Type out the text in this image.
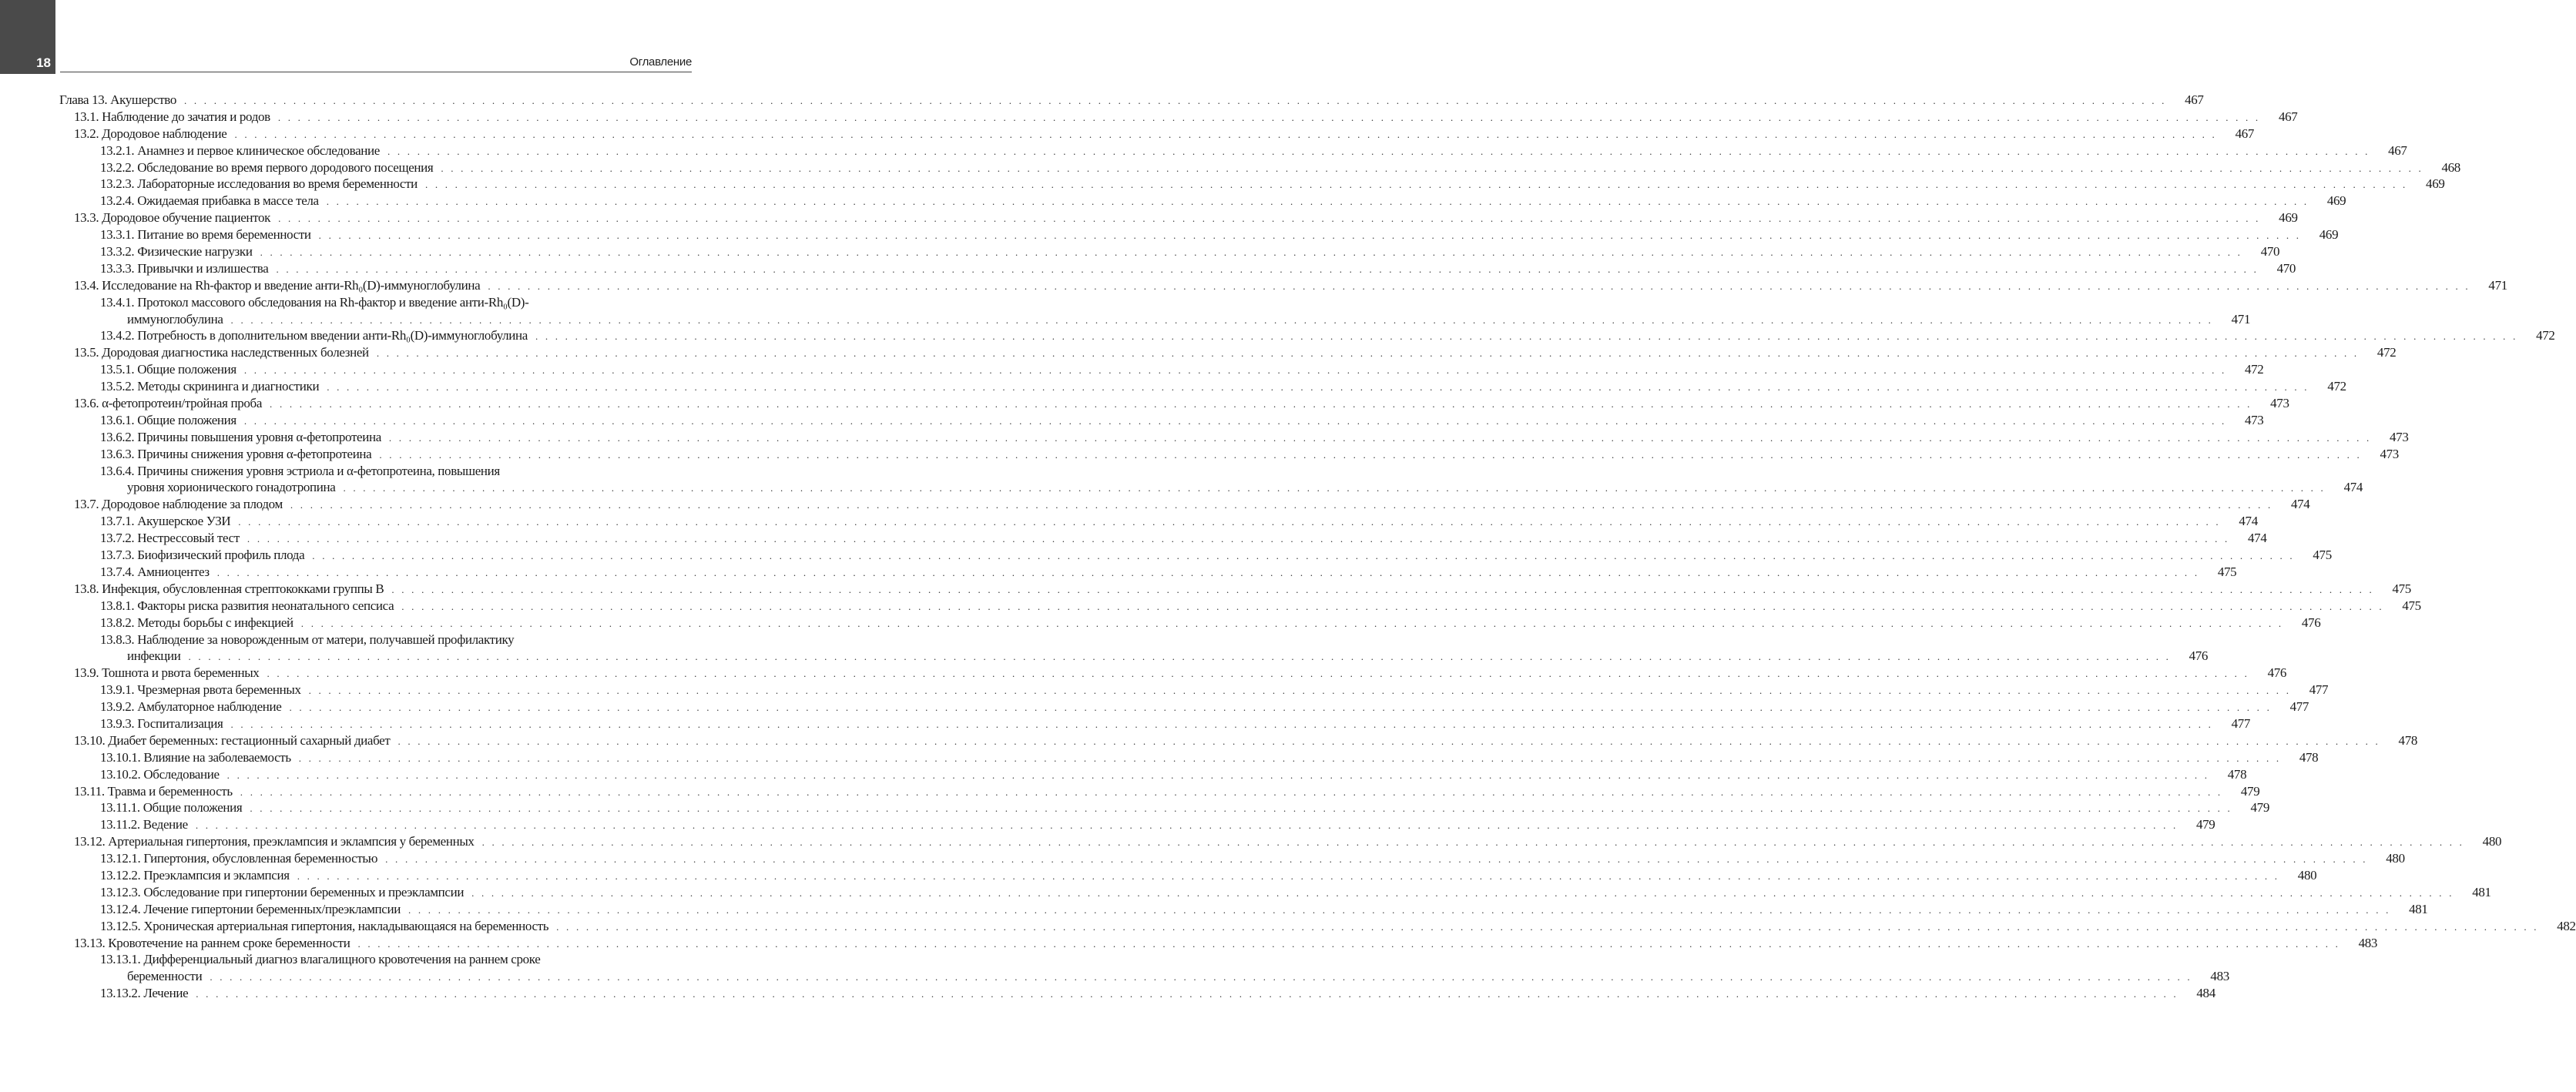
18	Оглавление
Глава 13. Акушерство . . . . . . . . . . . . . . . . . . . . . . . . . . . . . . . . . . . . . . . . . . . . . . . . . . . . . . . . . . . . . . . . . . . . . . . . . . . . . . . . . . . . . . . . . . . . . . . . . . . . . . . . . . . . . . . . . . . . . . . . . . . . . . . . . . . . . . . . . . . . . . . . . . . . . . . . . . . . . . . . . . . . . . . . . . . . . . . . . . . . . . . . . . . . . . . . . . . . . . . .	467
13.1. Наблюдение до зачатия и родов . . . . . . . . . . . . . . . . . . . . . . . . . . . . . . . . . . . . . . . . . . . . . . . . . . . . . . . . . . . . . . . . . . . . . . . . . . . . . . . . . . . . . . . . . . . . . . . . . . . . . . . . . . . . . . . . . . . . . . . . . . . . . . . . . . . . . . . . . . . . . . . . . . . . . . . . . . . . . . . . . . . . . . . . . . . . . . . . . . . . . . . . . . . . . . . . . . . . . . . .	467
13.2. Дородовое наблюдение . . . . . . . . . . . . . . . . . . . . . . . . . . . . . . . . . . . . . . . . . . . . . . . . . . . . . . . . . . . . . . . . . . . . . . . . . . . . . . . . . . . . . . . . . . . . . . . . . . . . . . . . . . . . . . . . . . . . . . . . . . . . . . . . . . . . . . . . . . . . . . . . . . . . . . . . . . . . . . . . . . . . . . . . . . . . . . . . . . . . . . . . . . . . . . . . . . . . . . . .	467
13.2.1. Анамнез и первое клиническое обследование . . . . . . . . . . . . . . . . . . . . . . . . . . . . . . . . . . . . . . . . . . . . . . . . . . . . . . . . . . . . . . . . . . . . . . . . . . . . . . . . . . . . . . . . . . . . . . . . . . . . . . . . . . . . . . . . . . . . . . . . . . . . . . . . . . . . . . . . . . . . . . . . . . . . . . . . . . . . . . . . . . . . . . . . . . . . . . . . . . . . . . . . . . . . . . . . . . . . . . . .	467
13.2.2. Обследование во время первого дородового посещения . . . . . . . . . . . . . . . . . . . . . . . . . . . . . . . . . . . . . . . . . . . . . . . . . . . . . . . . . . . . . . . . . . . . . . . . . . . . . . . . . . . . . . . . . . . . . . . . . . . . . . . . . . . . . . . . . . . . . . . . . . . . . . . . . . . . . . . . . . . . . . . . . . . . . . . . . . . . . . . . . . . . . . . . . . . . . . . . . . . . . . . . . . . . . . . . . . . . . . . .	468
13.2.3. Лабораторные исследования во время беременности . . . . . . . . . . . . . . . . . . . . . . . . . . . . . . . . . . . . . . . . . . . . . . . . . . . . . . . . . . . . . . . . . . . . . . . . . . . . . . . . . . . . . . . . . . . . . . . . . . . . . . . . . . . . . . . . . . . . . . . . . . . . . . . . . . . . . . . . . . . . . . . . . . . . . . . . . . . . . . . . . . . . . . . . . . . . . . . . . . . . . . . . . . . . . . . . . . . . . . . .	469
13.2.4. Ожидаемая прибавка в массе тела . . . . . . . . . . . . . . . . . . . . . . . . . . . . . . . . . . . . . . . . . . . . . . . . . . . . . . . . . . . . . . . . . . . . . . . . . . . . . . . . . . . . . . . . . . . . . . . . . . . . . . . . . . . . . . . . . . . . . . . . . . . . . . . . . . . . . . . . . . . . . . . . . . . . . . . . . . . . . . . . . . . . . . . . . . . . . . . . . . . . . . . . . . . . . . . . . . . . . . . .	469
13.3. Дородовое обучение пациенток . . . . . . . . . . . . . . . . . . . . . . . . . . . . . . . . . . . . . . . . . . . . . . . . . . . . . . . . . . . . . . . . . . . . . . . . . . . . . . . . . . . . . . . . . . . . . . . . . . . . . . . . . . . . . . . . . . . . . . . . . . . . . . . . . . . . . . . . . . . . . . . . . . . . . . . . . . . . . . . . . . . . . . . . . . . . . . . . . . . . . . . . . . . . . . . . . . . . . . . .	469
13.3.1. Питание во время беременности . . . . . . . . . . . . . . . . . . . . . . . . . . . . . . . . . . . . . . . . . . . . . . . . . . . . . . . . . . . . . . . . . . . . . . . . . . . . . . . . . . . . . . . . . . . . . . . . . . . . . . . . . . . . . . . . . . . . . . . . . . . . . . . . . . . . . . . . . . . . . . . . . . . . . . . . . . . . . . . . . . . . . . . . . . . . . . . . . . . . . . . . . . . . . . . . . . . . . . . .	469
13.3.2. Физические нагрузки . . . . . . . . . . . . . . . . . . . . . . . . . . . . . . . . . . . . . . . . . . . . . . . . . . . . . . . . . . . . . . . . . . . . . . . . . . . . . . . . . . . . . . . . . . . . . . . . . . . . . . . . . . . . . . . . . . . . . . . . . . . . . . . . . . . . . . . . . . . . . . . . . . . . . . . . . . . . . . . . . . . . . . . . . . . . . . . . . . . . . . . . . . . . . . . . . . . . . . . .	470
13.3.3. Привычки и излишества . . . . . . . . . . . . . . . . . . . . . . . . . . . . . . . . . . . . . . . . . . . . . . . . . . . . . . . . . . . . . . . . . . . . . . . . . . . . . . . . . . . . . . . . . . . . . . . . . . . . . . . . . . . . . . . . . . . . . . . . . . . . . . . . . . . . . . . . . . . . . . . . . . . . . . . . . . . . . . . . . . . . . . . . . . . . . . . . . . . . . . . . . . . . . . . . . . . . . . . .	470
13.4. Исследование на Rh-фактор и введение анти-Rh₀(D)-иммуноглобулина . . . . . . . . . . . . . . . . . . . . . . . . . . . . . . . . . . . . . . . . . . . . . . . . . . . . . . . . . . . . . . . . . . . . . . . . . . . . . . . . . . . . . . . . . . . . . . . . . . . . . . . . . . . . . . . . . . . . . . . . . . . . . . . . . . . . . . . . . . . . . . . . . . . . . . . . . . . . . . . . . . . . . . . . . . . . . . . . . . . . . . . . . . . . . . . . . . . . . . . .	471
13.4.1. Протокол массового обследования на Rh-фактор и введение анти-Rh₀(D)-
иммуноглобулина . . . . . . . . . . . . . . . . . . . . . . . . . . . . . . . . . . . . . . . . . . . . . . . . . . . . . . . . . . . . . . . . . . . . . . . . . . . . . . . . . . . . . . . . . . . . . . . . . . . . . . . . . . . . . . . . . . . . . . . . . . . . . . . . . . . . . . . . . . . . . . . . . . . . . . . . . . . . . . . . . . . . . . . . . . . . . . . . . . . . . . . . . . . . . . . . . . . . . . . .	471
13.4.2. Потребность в дополнительном введении анти-Rh₀(D)-иммуноглобулина . . . . . . . . . . . . . . . . . . . . . . . . . . . . . . . . . . . . . . . . . . . . . . . . . . . . . . . . . . . . . . . . . . . . . . . . . . . . . . . . . . . . . . . . . . . . . . . . . . . . . . . . . . . . . . . . . . . . . . . . . . . . . . . . . . . . . . . . . . . . . . . . . . . . . . . . . . . . . . . . . . . . . . . . . . . . . . . . . . . . . . . . . . . . . . . . . . . . . . . .	472
13.5. Дородовая диагностика наследственных болезней . . . . . . . . . . . . . . . . . . . . . . . . . . . . . . . . . . . . . . . . . . . . . . . . . . . . . . . . . . . . . . . . . . . . . . . . . . . . . . . . . . . . . . . . . . . . . . . . . . . . . . . . . . . . . . . . . . . . . . . . . . . . . . . . . . . . . . . . . . . . . . . . . . . . . . . . . . . . . . . . . . . . . . . . . . . . . . . . . . . . . . . . . . . . . . . . . . . . . . . .	472
13.5.1. Общие положения . . . . . . . . . . . . . . . . . . . . . . . . . . . . . . . . . . . . . . . . . . . . . . . . . . . . . . . . . . . . . . . . . . . . . . . . . . . . . . . . . . . . . . . . . . . . . . . . . . . . . . . . . . . . . . . . . . . . . . . . . . . . . . . . . . . . . . . . . . . . . . . . . . . . . . . . . . . . . . . . . . . . . . . . . . . . . . . . . . . . . . . . . . . . . . . . . . . . . . . .	472
13.5.2. Методы скрининга и диагностики . . . . . . . . . . . . . . . . . . . . . . . . . . . . . . . . . . . . . . . . . . . . . . . . . . . . . . . . . . . . . . . . . . . . . . . . . . . . . . . . . . . . . . . . . . . . . . . . . . . . . . . . . . . . . . . . . . . . . . . . . . . . . . . . . . . . . . . . . . . . . . . . . . . . . . . . . . . . . . . . . . . . . . . . . . . . . . . . . . . . . . . . . . . . . . . . . . . . . . . .	472
13.6. α-фетопротеин/тройная проба . . . . . . . . . . . . . . . . . . . . . . . . . . . . . . . . . . . . . . . . . . . . . . . . . . . . . . . . . . . . . . . . . . . . . . . . . . . . . . . . . . . . . . . . . . . . . . . . . . . . . . . . . . . . . . . . . . . . . . . . . . . . . . . . . . . . . . . . . . . . . . . . . . . . . . . . . . . . . . . . . . . . . . . . . . . . . . . . . . . . . . . . . . . . . . . . . . . . . . . .	473
13.6.1. Общие положения . . . . . . . . . . . . . . . . . . . . . . . . . . . . . . . . . . . . . . . . . . . . . . . . . . . . . . . . . . . . . . . . . . . . . . . . . . . . . . . . . . . . . . . . . . . . . . . . . . . . . . . . . . . . . . . . . . . . . . . . . . . . . . . . . . . . . . . . . . . . . . . . . . . . . . . . . . . . . . . . . . . . . . . . . . . . . . . . . . . . . . . . . . . . . . . . . . . . . . . .	473
13.6.2. Причины повышения уровня α-фетопротеина . . . . . . . . . . . . . . . . . . . . . . . . . . . . . . . . . . . . . . . . . . . . . . . . . . . . . . . . . . . . . . . . . . . . . . . . . . . . . . . . . . . . . . . . . . . . . . . . . . . . . . . . . . . . . . . . . . . . . . . . . . . . . . . . . . . . . . . . . . . . . . . . . . . . . . . . . . . . . . . . . . . . . . . . . . . . . . . . . . . . . . . . . . . . . . . . . . . . . . . .	473
13.6.3. Причины снижения уровня α-фетопротеина . . . . . . . . . . . . . . . . . . . . . . . . . . . . . . . . . . . . . . . . . . . . . . . . . . . . . . . . . . . . . . . . . . . . . . . . . . . . . . . . . . . . . . . . . . . . . . . . . . . . . . . . . . . . . . . . . . . . . . . . . . . . . . . . . . . . . . . . . . . . . . . . . . . . . . . . . . . . . . . . . . . . . . . . . . . . . . . . . . . . . . . . . . . . . . . . . . . . . . . .	473
13.6.4. Причины снижения уровня эстриола и α-фетопротеина, повышения
уровня хорионического гонадотропина . . . . . . . . . . . . . . . . . . . . . . . . . . . . . . . . . . . . . . . . . . . . . . . . . . . . . . . . . . . . . . . . . . . . . . . . . . . . . . . . . . . . . . . . . . . . . . . . . . . . . . . . . . . . . . . . . . . . . . . . . . . . . . . . . . . . . . . . . . . . . . . . . . . . . . . . . . . . . . . . . . . . . . . . . . . . . . . . . . . . . . . . . . . . . . . . . . . . . . . .	474
13.7. Дородовое наблюдение за плодом . . . . . . . . . . . . . . . . . . . . . . . . . . . . . . . . . . . . . . . . . . . . . . . . . . . . . . . . . . . . . . . . . . . . . . . . . . . . . . . . . . . . . . . . . . . . . . . . . . . . . . . . . . . . . . . . . . . . . . . . . . . . . . . . . . . . . . . . . . . . . . . . . . . . . . . . . . . . . . . . . . . . . . . . . . . . . . . . . . . . . . . . . . . . . . . . . . . . . . . .	474
13.7.1. Акушерское УЗИ . . . . . . . . . . . . . . . . . . . . . . . . . . . . . . . . . . . . . . . . . . . . . . . . . . . . . . . . . . . . . . . . . . . . . . . . . . . . . . . . . . . . . . . . . . . . . . . . . . . . . . . . . . . . . . . . . . . . . . . . . . . . . . . . . . . . . . . . . . . . . . . . . . . . . . . . . . . . . . . . . . . . . . . . . . . . . . . . . . . . . . . . . . . . . . . . . . . . . . . .	474
13.7.2. Нестрессовый тест . . . . . . . . . . . . . . . . . . . . . . . . . . . . . . . . . . . . . . . . . . . . . . . . . . . . . . . . . . . . . . . . . . . . . . . . . . . . . . . . . . . . . . . . . . . . . . . . . . . . . . . . . . . . . . . . . . . . . . . . . . . . . . . . . . . . . . . . . . . . . . . . . . . . . . . . . . . . . . . . . . . . . . . . . . . . . . . . . . . . . . . . . . . . . . . . . . . . . . . .	474
13.7.3. Биофизический профиль плода . . . . . . . . . . . . . . . . . . . . . . . . . . . . . . . . . . . . . . . . . . . . . . . . . . . . . . . . . . . . . . . . . . . . . . . . . . . . . . . . . . . . . . . . . . . . . . . . . . . . . . . . . . . . . . . . . . . . . . . . . . . . . . . . . . . . . . . . . . . . . . . . . . . . . . . . . . . . . . . . . . . . . . . . . . . . . . . . . . . . . . . . . . . . . . . . . . . . . . . .	475
13.7.4. Амниоцентез . . . . . . . . . . . . . . . . . . . . . . . . . . . . . . . . . . . . . . . . . . . . . . . . . . . . . . . . . . . . . . . . . . . . . . . . . . . . . . . . . . . . . . . . . . . . . . . . . . . . . . . . . . . . . . . . . . . . . . . . . . . . . . . . . . . . . . . . . . . . . . . . . . . . . . . . . . . . . . . . . . . . . . . . . . . . . . . . . . . . . . . . . . . . . . . . . . . . . . . .	475
13.8. Инфекция, обусловленная стрептококками группы B . . . . . . . . . . . . . . . . . . . . . . . . . . . . . . . . . . . . . . . . . . . . . . . . . . . . . . . . . . . . . . . . . . . . . . . . . . . . . . . . . . . . . . . . . . . . . . . . . . . . . . . . . . . . . . . . . . . . . . . . . . . . . . . . . . . . . . . . . . . . . . . . . . . . . . . . . . . . . . . . . . . . . . . . . . . . . . . . . . . . . . . . . . . . . . . . . . . . . . . .	475
13.8.1. Факторы риска развития неонатального сепсиса . . . . . . . . . . . . . . . . . . . . . . . . . . . . . . . . . . . . . . . . . . . . . . . . . . . . . . . . . . . . . . . . . . . . . . . . . . . . . . . . . . . . . . . . . . . . . . . . . . . . . . . . . . . . . . . . . . . . . . . . . . . . . . . . . . . . . . . . . . . . . . . . . . . . . . . . . . . . . . . . . . . . . . . . . . . . . . . . . . . . . . . . . . . . . . . . . . . . . . . .	475
13.8.2. Методы борьбы с инфекцией . . . . . . . . . . . . . . . . . . . . . . . . . . . . . . . . . . . . . . . . . . . . . . . . . . . . . . . . . . . . . . . . . . . . . . . . . . . . . . . . . . . . . . . . . . . . . . . . . . . . . . . . . . . . . . . . . . . . . . . . . . . . . . . . . . . . . . . . . . . . . . . . . . . . . . . . . . . . . . . . . . . . . . . . . . . . . . . . . . . . . . . . . . . . . . . . . . . . . . . .	476
13.8.3. Наблюдение за новорожденным от матери, получавшей профилактику
инфекции . . . . . . . . . . . . . . . . . . . . . . . . . . . . . . . . . . . . . . . . . . . . . . . . . . . . . . . . . . . . . . . . . . . . . . . . . . . . . . . . . . . . . . . . . . . . . . . . . . . . . . . . . . . . . . . . . . . . . . . . . . . . . . . . . . . . . . . . . . . . . . . . . . . . . . . . . . . . . . . . . . . . . . . . . . . . . . . . . . . . . . . . . . . . . . . . . . . . . . . .	476
13.9. Тошнота и рвота беременных . . . . . . . . . . . . . . . . . . . . . . . . . . . . . . . . . . . . . . . . . . . . . . . . . . . . . . . . . . . . . . . . . . . . . . . . . . . . . . . . . . . . . . . . . . . . . . . . . . . . . . . . . . . . . . . . . . . . . . . . . . . . . . . . . . . . . . . . . . . . . . . . . . . . . . . . . . . . . . . . . . . . . . . . . . . . . . . . . . . . . . . . . . . . . . . . . . . . . . . .	476
13.9.1. Чрезмерная рвота беременных . . . . . . . . . . . . . . . . . . . . . . . . . . . . . . . . . . . . . . . . . . . . . . . . . . . . . . . . . . . . . . . . . . . . . . . . . . . . . . . . . . . . . . . . . . . . . . . . . . . . . . . . . . . . . . . . . . . . . . . . . . . . . . . . . . . . . . . . . . . . . . . . . . . . . . . . . . . . . . . . . . . . . . . . . . . . . . . . . . . . . . . . . . . . . . . . . . . . . . . .	477
13.9.2. Амбулаторное наблюдение . . . . . . . . . . . . . . . . . . . . . . . . . . . . . . . . . . . . . . . . . . . . . . . . . . . . . . . . . . . . . . . . . . . . . . . . . . . . . . . . . . . . . . . . . . . . . . . . . . . . . . . . . . . . . . . . . . . . . . . . . . . . . . . . . . . . . . . . . . . . . . . . . . . . . . . . . . . . . . . . . . . . . . . . . . . . . . . . . . . . . . . . . . . . . . . . . . . . . . . .	477
13.9.3. Госпитализация . . . . . . . . . . . . . . . . . . . . . . . . . . . . . . . . . . . . . . . . . . . . . . . . . . . . . . . . . . . . . . . . . . . . . . . . . . . . . . . . . . . . . . . . . . . . . . . . . . . . . . . . . . . . . . . . . . . . . . . . . . . . . . . . . . . . . . . . . . . . . . . . . . . . . . . . . . . . . . . . . . . . . . . . . . . . . . . . . . . . . . . . . . . . . . . . . . . . . . . .	477
13.10. Диабет беременных: гестационный сахарный диабет . . . . . . . . . . . . . . . . . . . . . . . . . . . . . . . . . . . . . . . . . . . . . . . . . . . . . . . . . . . . . . . . . . . . . . . . . . . . . . . . . . . . . . . . . . . . . . . . . . . . . . . . . . . . . . . . . . . . . . . . . . . . . . . . . . . . . . . . . . . . . . . . . . . . . . . . . . . . . . . . . . . . . . . . . . . . . . . . . . . . . . . . . . . . . . . . . . . . . . . .	478
13.10.1. Влияние на заболеваемость . . . . . . . . . . . . . . . . . . . . . . . . . . . . . . . . . . . . . . . . . . . . . . . . . . . . . . . . . . . . . . . . . . . . . . . . . . . . . . . . . . . . . . . . . . . . . . . . . . . . . . . . . . . . . . . . . . . . . . . . . . . . . . . . . . . . . . . . . . . . . . . . . . . . . . . . . . . . . . . . . . . . . . . . . . . . . . . . . . . . . . . . . . . . . . . . . . . . . . . .	478
13.10.2. Обследование . . . . . . . . . . . . . . . . . . . . . . . . . . . . . . . . . . . . . . . . . . . . . . . . . . . . . . . . . . . . . . . . . . . . . . . . . . . . . . . . . . . . . . . . . . . . . . . . . . . . . . . . . . . . . . . . . . . . . . . . . . . . . . . . . . . . . . . . . . . . . . . . . . . . . . . . . . . . . . . . . . . . . . . . . . . . . . . . . . . . . . . . . . . . . . . . . . . . . . . .	478
13.11. Травма и беременность . . . . . . . . . . . . . . . . . . . . . . . . . . . . . . . . . . . . . . . . . . . . . . . . . . . . . . . . . . . . . . . . . . . . . . . . . . . . . . . . . . . . . . . . . . . . . . . . . . . . . . . . . . . . . . . . . . . . . . . . . . . . . . . . . . . . . . . . . . . . . . . . . . . . . . . . . . . . . . . . . . . . . . . . . . . . . . . . . . . . . . . . . . . . . . . . . . . . . . . .	479
13.11.1. Общие положения . . . . . . . . . . . . . . . . . . . . . . . . . . . . . . . . . . . . . . . . . . . . . . . . . . . . . . . . . . . . . . . . . . . . . . . . . . . . . . . . . . . . . . . . . . . . . . . . . . . . . . . . . . . . . . . . . . . . . . . . . . . . . . . . . . . . . . . . . . . . . . . . . . . . . . . . . . . . . . . . . . . . . . . . . . . . . . . . . . . . . . . . . . . . . . . . . . . . . . . .	479
13.11.2. Ведение . . . . . . . . . . . . . . . . . . . . . . . . . . . . . . . . . . . . . . . . . . . . . . . . . . . . . . . . . . . . . . . . . . . . . . . . . . . . . . . . . . . . . . . . . . . . . . . . . . . . . . . . . . . . . . . . . . . . . . . . . . . . . . . . . . . . . . . . . . . . . . . . . . . . . . . . . . . . . . . . . . . . . . . . . . . . . . . . . . . . . . . . . . . . . . . . . . . . . . . .	479
13.12. Артериальная гипертония, преэклампсия и эклампсия у беременных . . . . . . . . . . . . . . . . . . . . . . . . . . . . . . . . . . . . . . . . . . . . . . . . . . . . . . . . . . . . . . . . . . . . . . . . . . . . . . . . . . . . . . . . . . . . . . . . . . . . . . . . . . . . . . . . . . . . . . . . . . . . . . . . . . . . . . . . . . . . . . . . . . . . . . . . . . . . . . . . . . . . . . . . . . . . . . . . . . . . . . . . . . . . . . . . . . . . . . . .	480
13.12.1. Гипертония, обусловленная беременностью . . . . . . . . . . . . . . . . . . . . . . . . . . . . . . . . . . . . . . . . . . . . . . . . . . . . . . . . . . . . . . . . . . . . . . . . . . . . . . . . . . . . . . . . . . . . . . . . . . . . . . . . . . . . . . . . . . . . . . . . . . . . . . . . . . . . . . . . . . . . . . . . . . . . . . . . . . . . . . . . . . . . . . . . . . . . . . . . . . . . . . . . . . . . . . . . . . . . . . . .	480
13.12.2. Преэклампсия и эклампсия . . . . . . . . . . . . . . . . . . . . . . . . . . . . . . . . . . . . . . . . . . . . . . . . . . . . . . . . . . . . . . . . . . . . . . . . . . . . . . . . . . . . . . . . . . . . . . . . . . . . . . . . . . . . . . . . . . . . . . . . . . . . . . . . . . . . . . . . . . . . . . . . . . . . . . . . . . . . . . . . . . . . . . . . . . . . . . . . . . . . . . . . . . . . . . . . . . . . . . . .	480
13.12.3. Обследование при гипертонии беременных и преэклампсии . . . . . . . . . . . . . . . . . . . . . . . . . . . . . . . . . . . . . . . . . . . . . . . . . . . . . . . . . . . . . . . . . . . . . . . . . . . . . . . . . . . . . . . . . . . . . . . . . . . . . . . . . . . . . . . . . . . . . . . . . . . . . . . . . . . . . . . . . . . . . . . . . . . . . . . . . . . . . . . . . . . . . . . . . . . . . . . . . . . . . . . . . . . . . . . . . . . . . . . .	481
13.12.4. Лечение гипертонии беременных/преэклампсии . . . . . . . . . . . . . . . . . . . . . . . . . . . . . . . . . . . . . . . . . . . . . . . . . . . . . . . . . . . . . . . . . . . . . . . . . . . . . . . . . . . . . . . . . . . . . . . . . . . . . . . . . . . . . . . . . . . . . . . . . . . . . . . . . . . . . . . . . . . . . . . . . . . . . . . . . . . . . . . . . . . . . . . . . . . . . . . . . . . . . . . . . . . . . . . . . . . . . . . .	481
13.12.5. Хроническая артериальная гипертония, накладывающаяся на беременность . . . . . . . . . . . . . . . . . . . . . . . . . . . . . . . . . . . . . . . . . . . . . . . . . . . . . . . . . . . . . . . . . . . . . . . . . . . . . . . . . . . . . . . . . . . . . . . . . . . . . . . . . . . . . . . . . . . . . . . . . . . . . . . . . . . . . . . . . . . . . . . . . . . . . . . . . . . . . . . . . . . . . . . . . . . . . . . . . . . . . . . . . . . . . . . . . . . . . . . .	482
13.13. Кровотечение на раннем сроке беременности . . . . . . . . . . . . . . . . . . . . . . . . . . . . . . . . . . . . . . . . . . . . . . . . . . . . . . . . . . . . . . . . . . . . . . . . . . . . . . . . . . . . . . . . . . . . . . . . . . . . . . . . . . . . . . . . . . . . . . . . . . . . . . . . . . . . . . . . . . . . . . . . . . . . . . . . . . . . . . . . . . . . . . . . . . . . . . . . . . . . . . . . . . . . . . . . . . . . . . . .	483
13.13.1. Дифференциальный диагноз влагалищного кровотечения на раннем сроке
беременности . . . . . . . . . . . . . . . . . . . . . . . . . . . . . . . . . . . . . . . . . . . . . . . . . . . . . . . . . . . . . . . . . . . . . . . . . . . . . . . . . . . . . . . . . . . . . . . . . . . . . . . . . . . . . . . . . . . . . . . . . . . . . . . . . . . . . . . . . . . . . . . . . . . . . . . . . . . . . . . . . . . . . . . . . . . . . . . . . . . . . . . . . . . . . . . . . . . . . . . .	483
13.13.2. Лечение . . . . . . . . . . . . . . . . . . . . . . . . . . . . . . . . . . . . . . . . . . . . . . . . . . . . . . . . . . . . . . . . . . . . . . . . . . . . . . . . . . . . . . . . . . . . . . . . . . . . . . . . . . . . . . . . . . . . . . . . . . . . . . . . . . . . . . . . . . . . . . . . . . . . . . . . . . . . . . . . . . . . . . . . . . . . . . . . . . . . . . . . . . . . . . . . . . . . . . . .	484
